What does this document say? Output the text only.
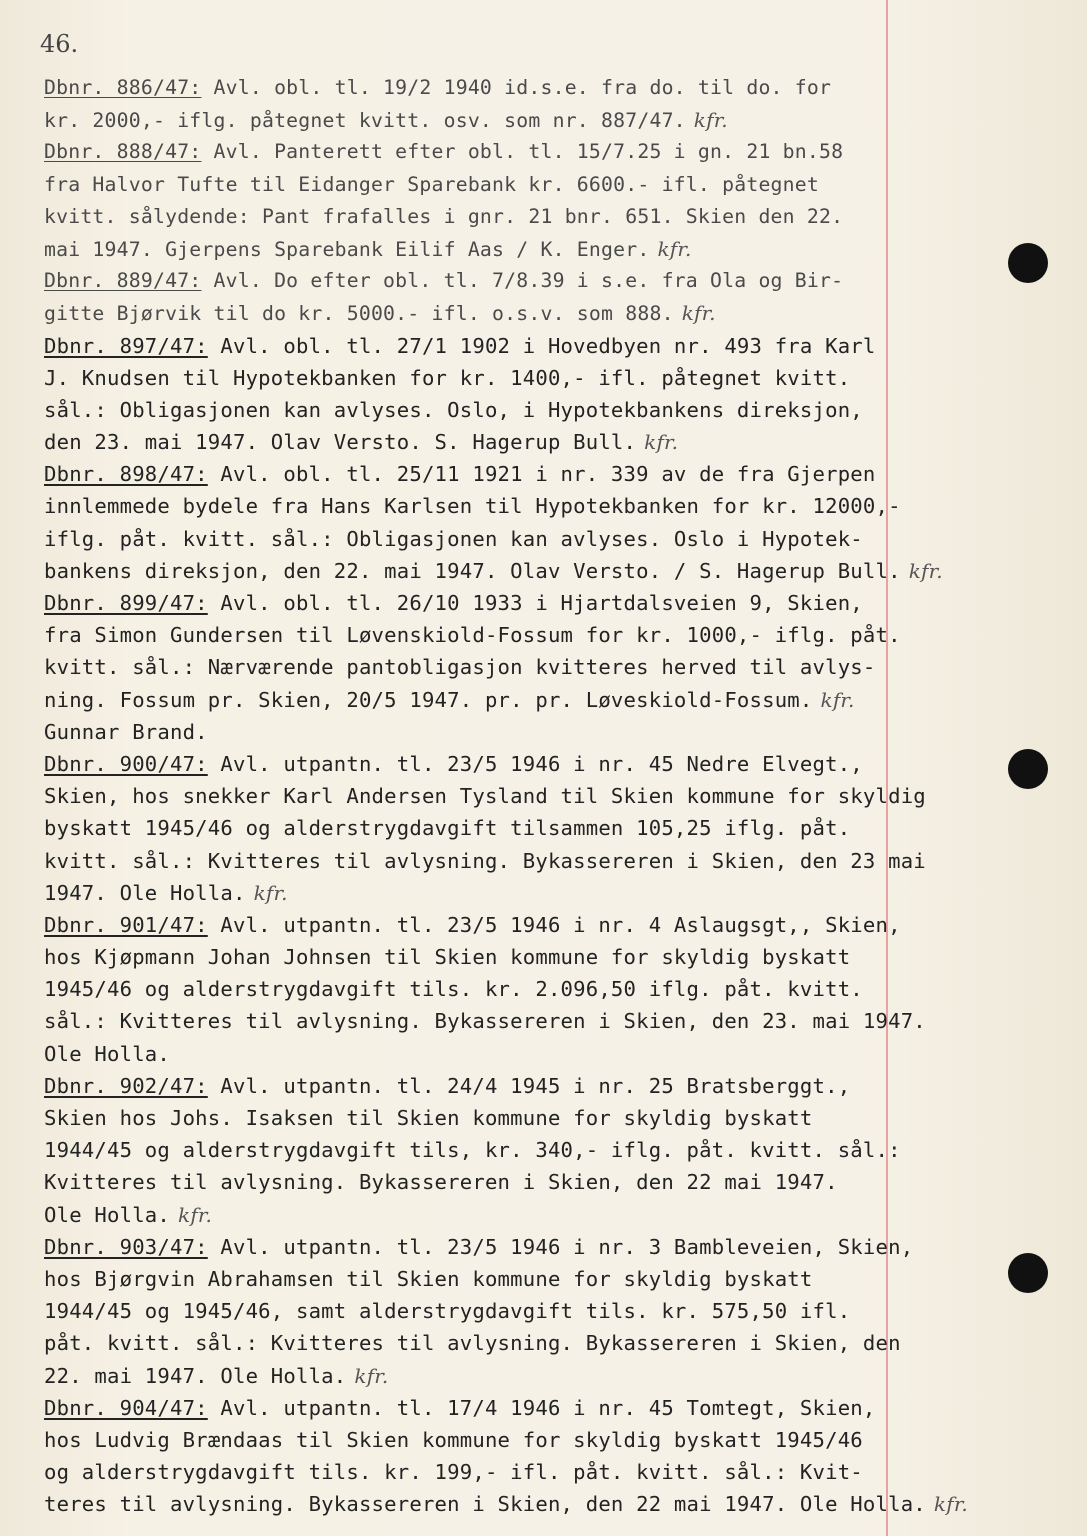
46.
Dbnr. 886/47: Avl. obl. tl. 19/2 1940 id.s.e. fra do. til do. for
kr. 2000,- iflg. påtegnet kvitt. osv. som nr. 887/47. kfr.
Dbnr. 888/47: Avl. Panterett efter obl. tl. 15/7.25 i gn. 21 bn.58
fra Halvor Tufte til Eidanger Sparebank kr. 6600.- ifl. påtegnet
kvitt. sålydende: Pant frafalles i gnr. 21 bnr. 651. Skien den 22.
mai 1947. Gjerpens Sparebank Eilif Aas / K. Enger. kfr.
Dbnr. 889/47: Avl. Do efter obl. tl. 7/8.39 i s.e. fra Ola og Bir-
gitte Bjørvik til do kr. 5000.- ifl. o.s.v. som 888. kfr.
Dbnr. 897/47: Avl. obl. tl. 27/1 1902 i Hovedbyen nr. 493 fra Karl
J. Knudsen til Hypotekbanken for kr. 1400,- ifl. påtegnet kvitt.
sål.: Obligasjonen kan avlyses. Oslo, i Hypotekbankens direksjon,
den 23. mai 1947. Olav Versto. S. Hagerup Bull. kfr.
Dbnr. 898/47: Avl. obl. tl. 25/11 1921 i nr. 339 av de fra Gjerpen
innlemmede bydele fra Hans Karlsen til Hypotekbanken for kr. 12000,-
iflg. påt. kvitt. sål.: Obligasjonen kan avlyses. Oslo i Hypotek-
bankens direksjon, den 22. mai 1947. Olav Versto. / S. Hagerup Bull. kfr.
Dbnr. 899/47: Avl. obl. tl. 26/10 1933 i Hjartdalsveien 9, Skien,
fra Simon Gundersen til Løvenskiold-Fossum for kr. 1000,- iflg. påt.
kvitt. sål.: Nærværende pantobligasjon kvitteres herved til avlys-
ning. Fossum pr. Skien, 20/5 1947. pr. pr. Løveskiold-Fossum. kfr.
Gunnar Brand.
Dbnr. 900/47: Avl. utpantn. tl. 23/5 1946 i nr. 45 Nedre Elvegt.,
Skien, hos snekker Karl Andersen Tysland til Skien kommune for skyldig
byskatt 1945/46 og alderstrygdavgift tilsammen 105,25 iflg. påt.
kvitt. sål.: Kvitteres til avlysning. Bykassereren i Skien, den 23 mai
1947. Ole Holla. kfr.
Dbnr. 901/47: Avl. utpantn. tl. 23/5 1946 i nr. 4 Aslaugsgt,, Skien,
hos Kjøpmann Johan Johnsen til Skien kommune for skyldig byskatt
1945/46 og alderstrygdavgift tils. kr. 2.096,50 iflg. påt. kvitt.
sål.: Kvitteres til avlysning. Bykassereren i Skien, den 23. mai 1947.
Ole Holla.
Dbnr. 902/47: Avl. utpantn. tl. 24/4 1945 i nr. 25 Bratsberggt.,
Skien hos Johs. Isaksen til Skien kommune for skyldig byskatt
1944/45 og alderstrygdavgift tils, kr. 340,- iflg. påt. kvitt. sål.:
Kvitteres til avlysning. Bykassereren i Skien, den 22 mai 1947.
Ole Holla. kfr.
Dbnr. 903/47: Avl. utpantn. tl. 23/5 1946 i nr. 3 Bambleveien, Skien,
hos Bjørgvin Abrahamsen til Skien kommune for skyldig byskatt
1944/45 og 1945/46, samt alderstrygdavgift tils. kr. 575,50 ifl.
påt. kvitt. sål.: Kvitteres til avlysning. Bykassereren i Skien, den
22. mai 1947. Ole Holla. kfr.
Dbnr. 904/47: Avl. utpantn. tl. 17/4 1946 i nr. 45 Tomtegt, Skien,
hos Ludvig Brændaas til Skien kommune for skyldig byskatt 1945/46
og alderstrygdavgift tils. kr. 199,- ifl. påt. kvitt. sål.: Kvit-
teres til avlysning. Bykassereren i Skien, den 22 mai 1947. Ole Holla. kfr.
